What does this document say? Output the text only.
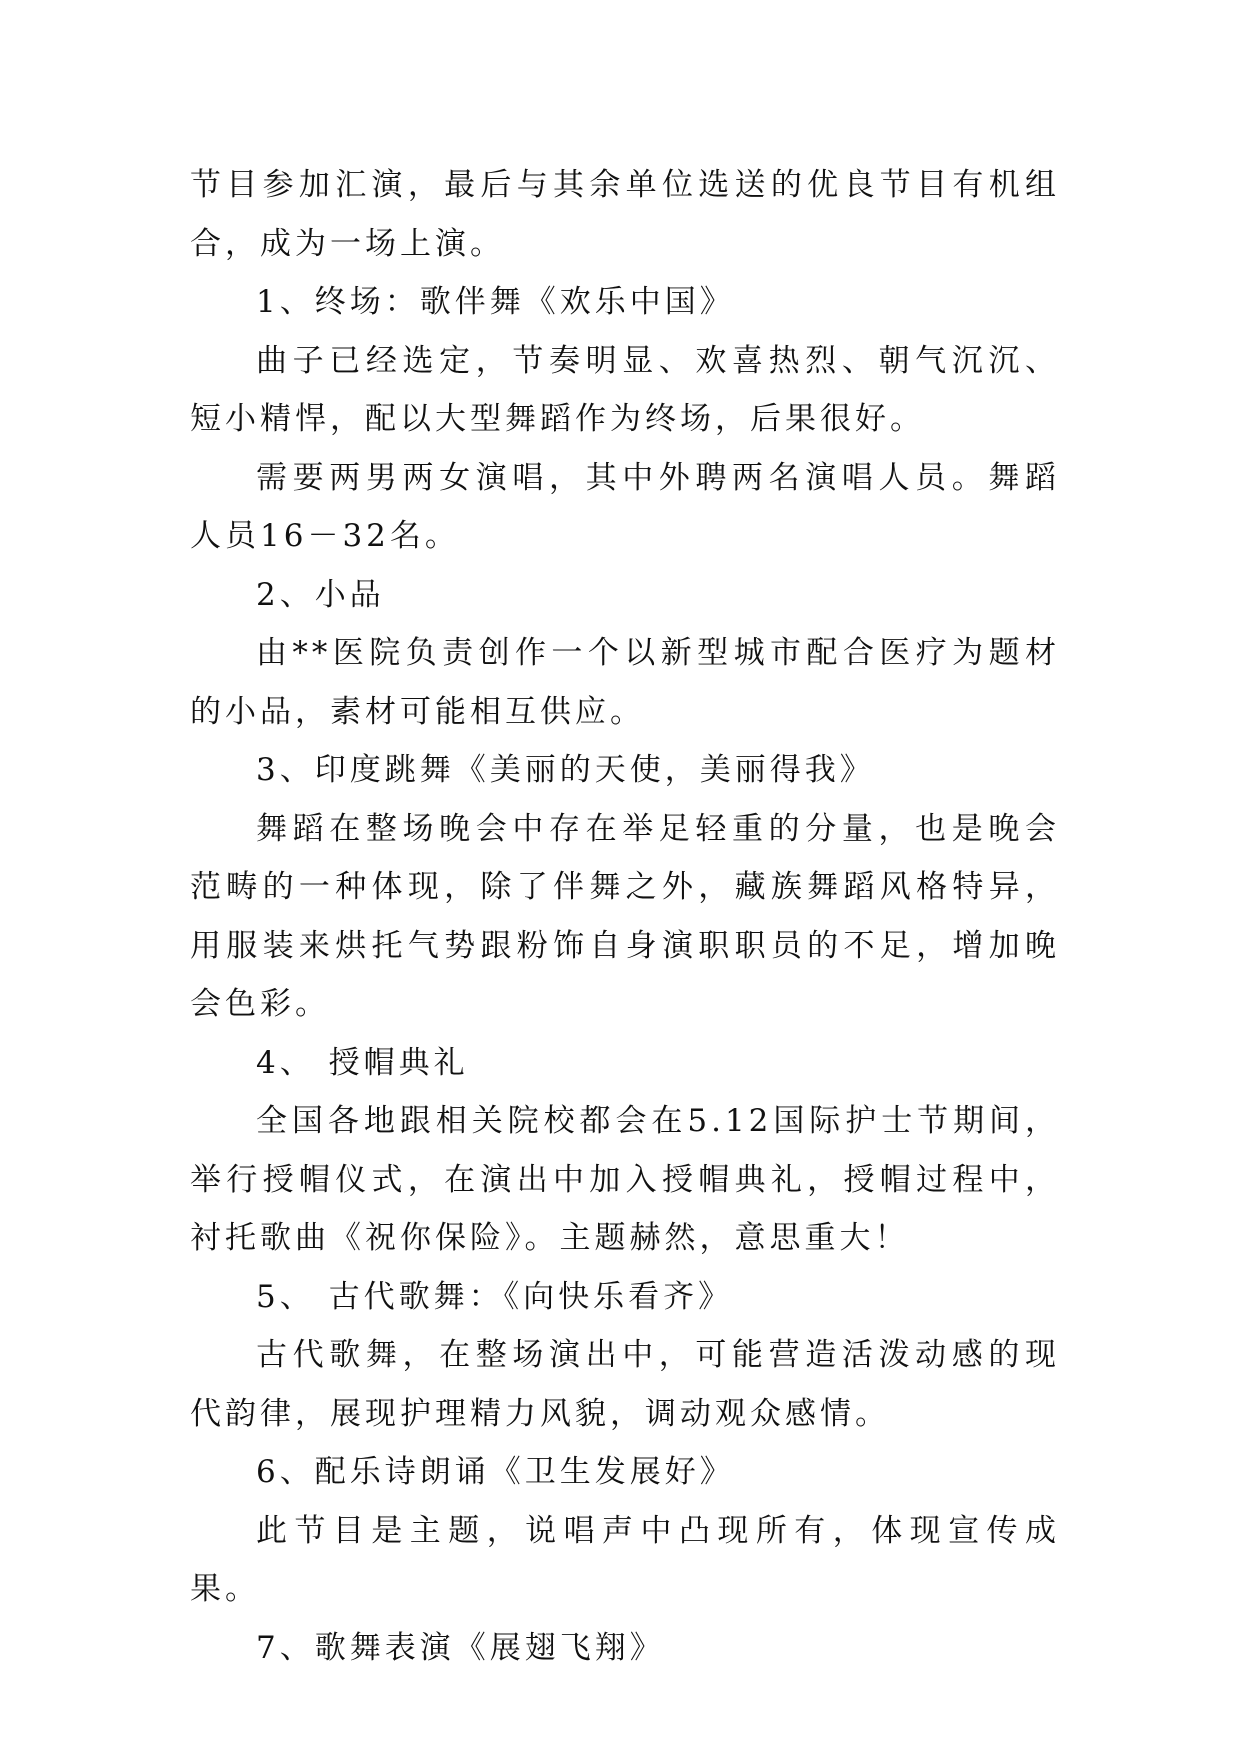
节目参加汇演，最后与其余单位选送的优良节目有机组合，成为一场上演。

1、终场：歌伴舞《欢乐中国》

曲子已经选定，节奏明显、欢喜热烈、朝气沉沉、短小精悍，配以大型舞蹈作为终场，后果很好。

需要两男两女演唱，其中外聘两名演唱人员。舞蹈人员16－32名。

2、小品

由**医院负责创作一个以新型城市配合医疗为题材的小品，素材可能相互供应。

3、印度跳舞《美丽的天使，美丽得我》

舞蹈在整场晚会中存在举足轻重的分量，也是晚会范畴的一种体现，除了伴舞之外，藏族舞蹈风格特异，用服装来烘托气势跟粉饰自身演职职员的不足，增加晚会色彩。

4、 授帽典礼

全国各地跟相关院校都会在5.12国际护士节期间，举行授帽仪式，在演出中加入授帽典礼，授帽过程中，衬托歌曲《祝你保险》。主题赫然，意思重大！

5、 古代歌舞：《向快乐看齐》

古代歌舞，在整场演出中，可能营造活泼动感的现代韵律，展现护理精力风貌，调动观众感情。

6、配乐诗朗诵《卫生发展好》

此节目是主题，说唱声中凸现所有，体现宣传成果。

7、歌舞表演《展翅飞翔》
